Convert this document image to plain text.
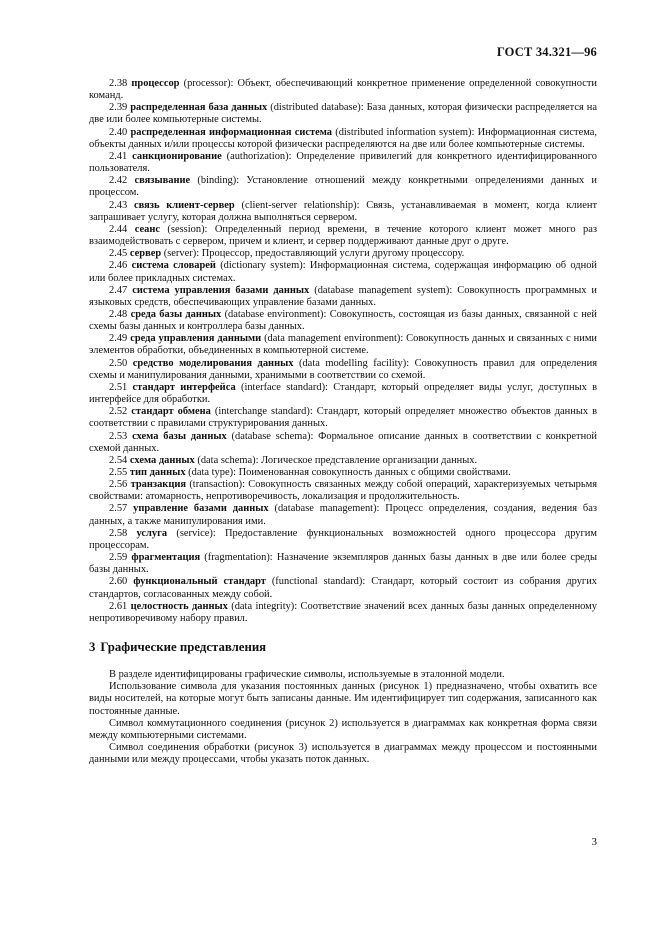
ГОСТ 34.321—96

2.38 процессор (processor): Объект, обеспечивающий конкретное применение определенной совокупности команд.

2.39 распределенная база данных (distributed database): База данных, которая физически распределяется на две или более компьютерные системы.

2.40 распределенная информационная система (distributed information system): Информационная система, объекты данных и/или процессы которой физически распределяются на две или более компьютерные системы.

2.41 санкционирование (authorization): Определение привилегий для конкретного идентифицированного пользователя.

2.42 связывание (binding): Установление отношений между конкретными определениями данных и процессом.

2.43 связь клиент-сервер (client-server relationship): Связь, устанавливаемая в момент, когда клиент запрашивает услугу, которая должна выполняться сервером.

2.44 сеанс (session): Определенный период времени, в течение которого клиент может много раз взаимодействовать с сервером, причем и клиент, и сервер поддерживают данные друг о друге.

2.45 сервер (server): Процессор, предоставляющий услуги другому процессору.

2.46 система словарей (dictionary system): Информационная система, содержащая информацию об одной или более прикладных системах.

2.47 система управления базами данных (database management system): Совокупность программных и языковых средств, обеспечивающих управление базами данных.

2.48 среда базы данных (database environment): Совокупность, состоящая из базы данных, связанной с ней схемы базы данных и контроллера базы данных.

2.49 среда управления данными (data management environment): Совокупность данных и связанных с ними элементов обработки, объединенных в компьютерной системе.

2.50 средство моделирования данных (data modelling facility): Совокупность правил для определения схемы и манипулирования данными, хранимыми в соответствии со схемой.

2.51 стандарт интерфейса (interface standard): Стандарт, который определяет виды услуг, доступных в интерфейсе для обработки.

2.52 стандарт обмена (interchange standard): Стандарт, который определяет множество объектов данных в соответствии с правилами структурирования данных.

2.53 схема базы данных (database schema): Формальное описание данных в соответствии с конкретной схемой данных.

2.54 схема данных (data schema): Логическое представление организации данных.

2.55 тип данных (data type): Поименованная совокупность данных с общими свойствами.

2.56 транзакция (transaction): Совокупность связанных между собой операций, характеризуемых четырьмя свойствами: атомарность, непротиворечивость, локализация и продолжительность.

2.57 управление базами данных (database management): Процесс определения, создания, ведения баз данных, а также манипулирования ими.

2.58 услуга (service): Предоставление функциональных возможностей одного процессора другим процессорам.

2.59 фрагментация (fragmentation): Назначение экземпляров данных базы данных в две или более среды базы данных.

2.60 функциональный стандарт (functional standard): Стандарт, который состоит из собрания других стандартов, согласованных между собой.

2.61 целостность данных (data integrity): Соответствие значений всех данных базы данных определенному непротиворечивому набору правил.

3 Графические представления

В разделе идентифицированы графические символы, используемые в эталонной модели.

Использование символа для указания постоянных данных (рисунок 1) предназначено, чтобы охватить все виды носителей, на которые могут быть записаны данные. Им идентифицирует тип содержания, записанного как постоянные данные.

Символ коммутационного соединения (рисунок 2) используется в диаграммах как конкретная форма связи между компьютерными системами.

Символ соединения обработки (рисунок 3) используется в диаграммах между процессом и постоянными данными или между процессами, чтобы указать поток данных.

3
